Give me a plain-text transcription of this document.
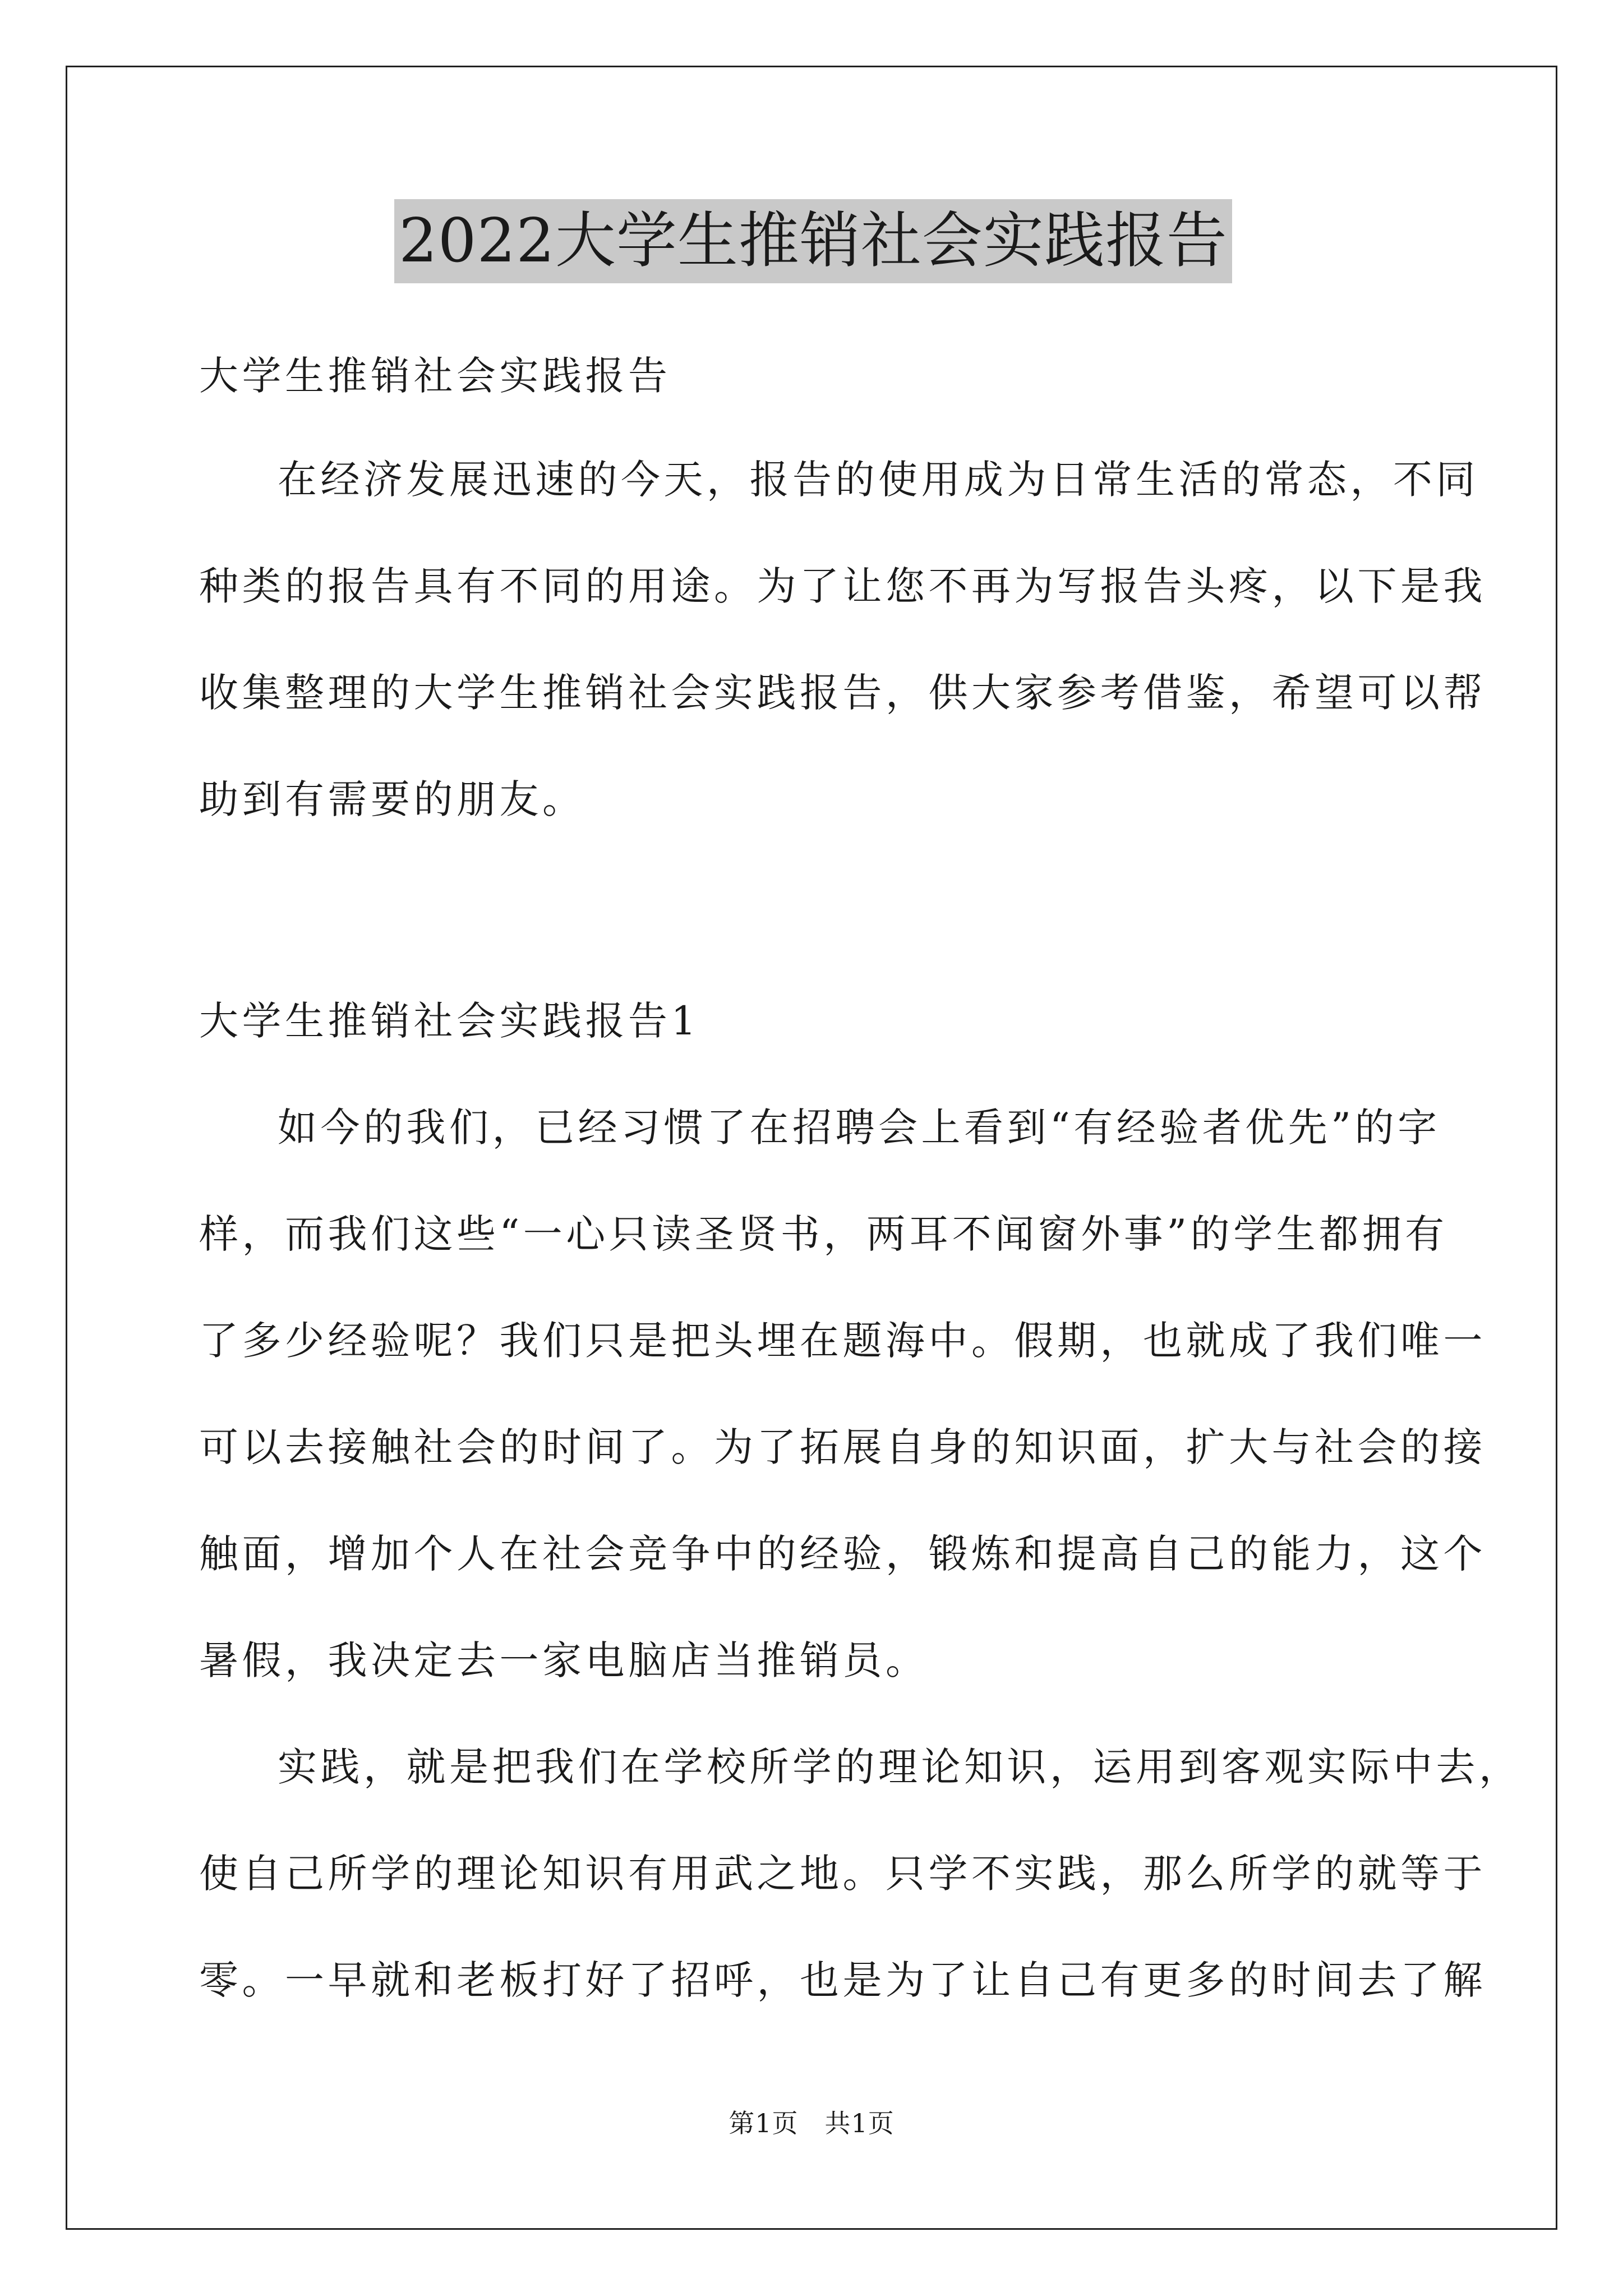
2022大学生推销社会实践报告
大学生推销社会实践报告
在经济发展迅速的今天，报告的使用成为日常生活的常态，不同
种类的报告具有不同的用途。为了让您不再为写报告头疼，以下是我
收集整理的大学生推销社会实践报告，供大家参考借鉴，希望可以帮
助到有需要的朋友。
大学生推销社会实践报告1
如今的我们，已经习惯了在招聘会上看到“有经验者优先”的字
样，而我们这些“一心只读圣贤书，两耳不闻窗外事”的学生都拥有
了多少经验呢？我们只是把头埋在题海中。假期，也就成了我们唯一
可以去接触社会的时间了。为了拓展自身的知识面，扩大与社会的接
触面，增加个人在社会竞争中的经验，锻炼和提高自己的能力，这个
暑假，我决定去一家电脑店当推销员。
实践，就是把我们在学校所学的理论知识，运用到客观实际中去，
使自己所学的理论知识有用武之地。只学不实践，那么所学的就等于
零。一早就和老板打好了招呼，也是为了让自己有更多的时间去了解
第1页　共1页
